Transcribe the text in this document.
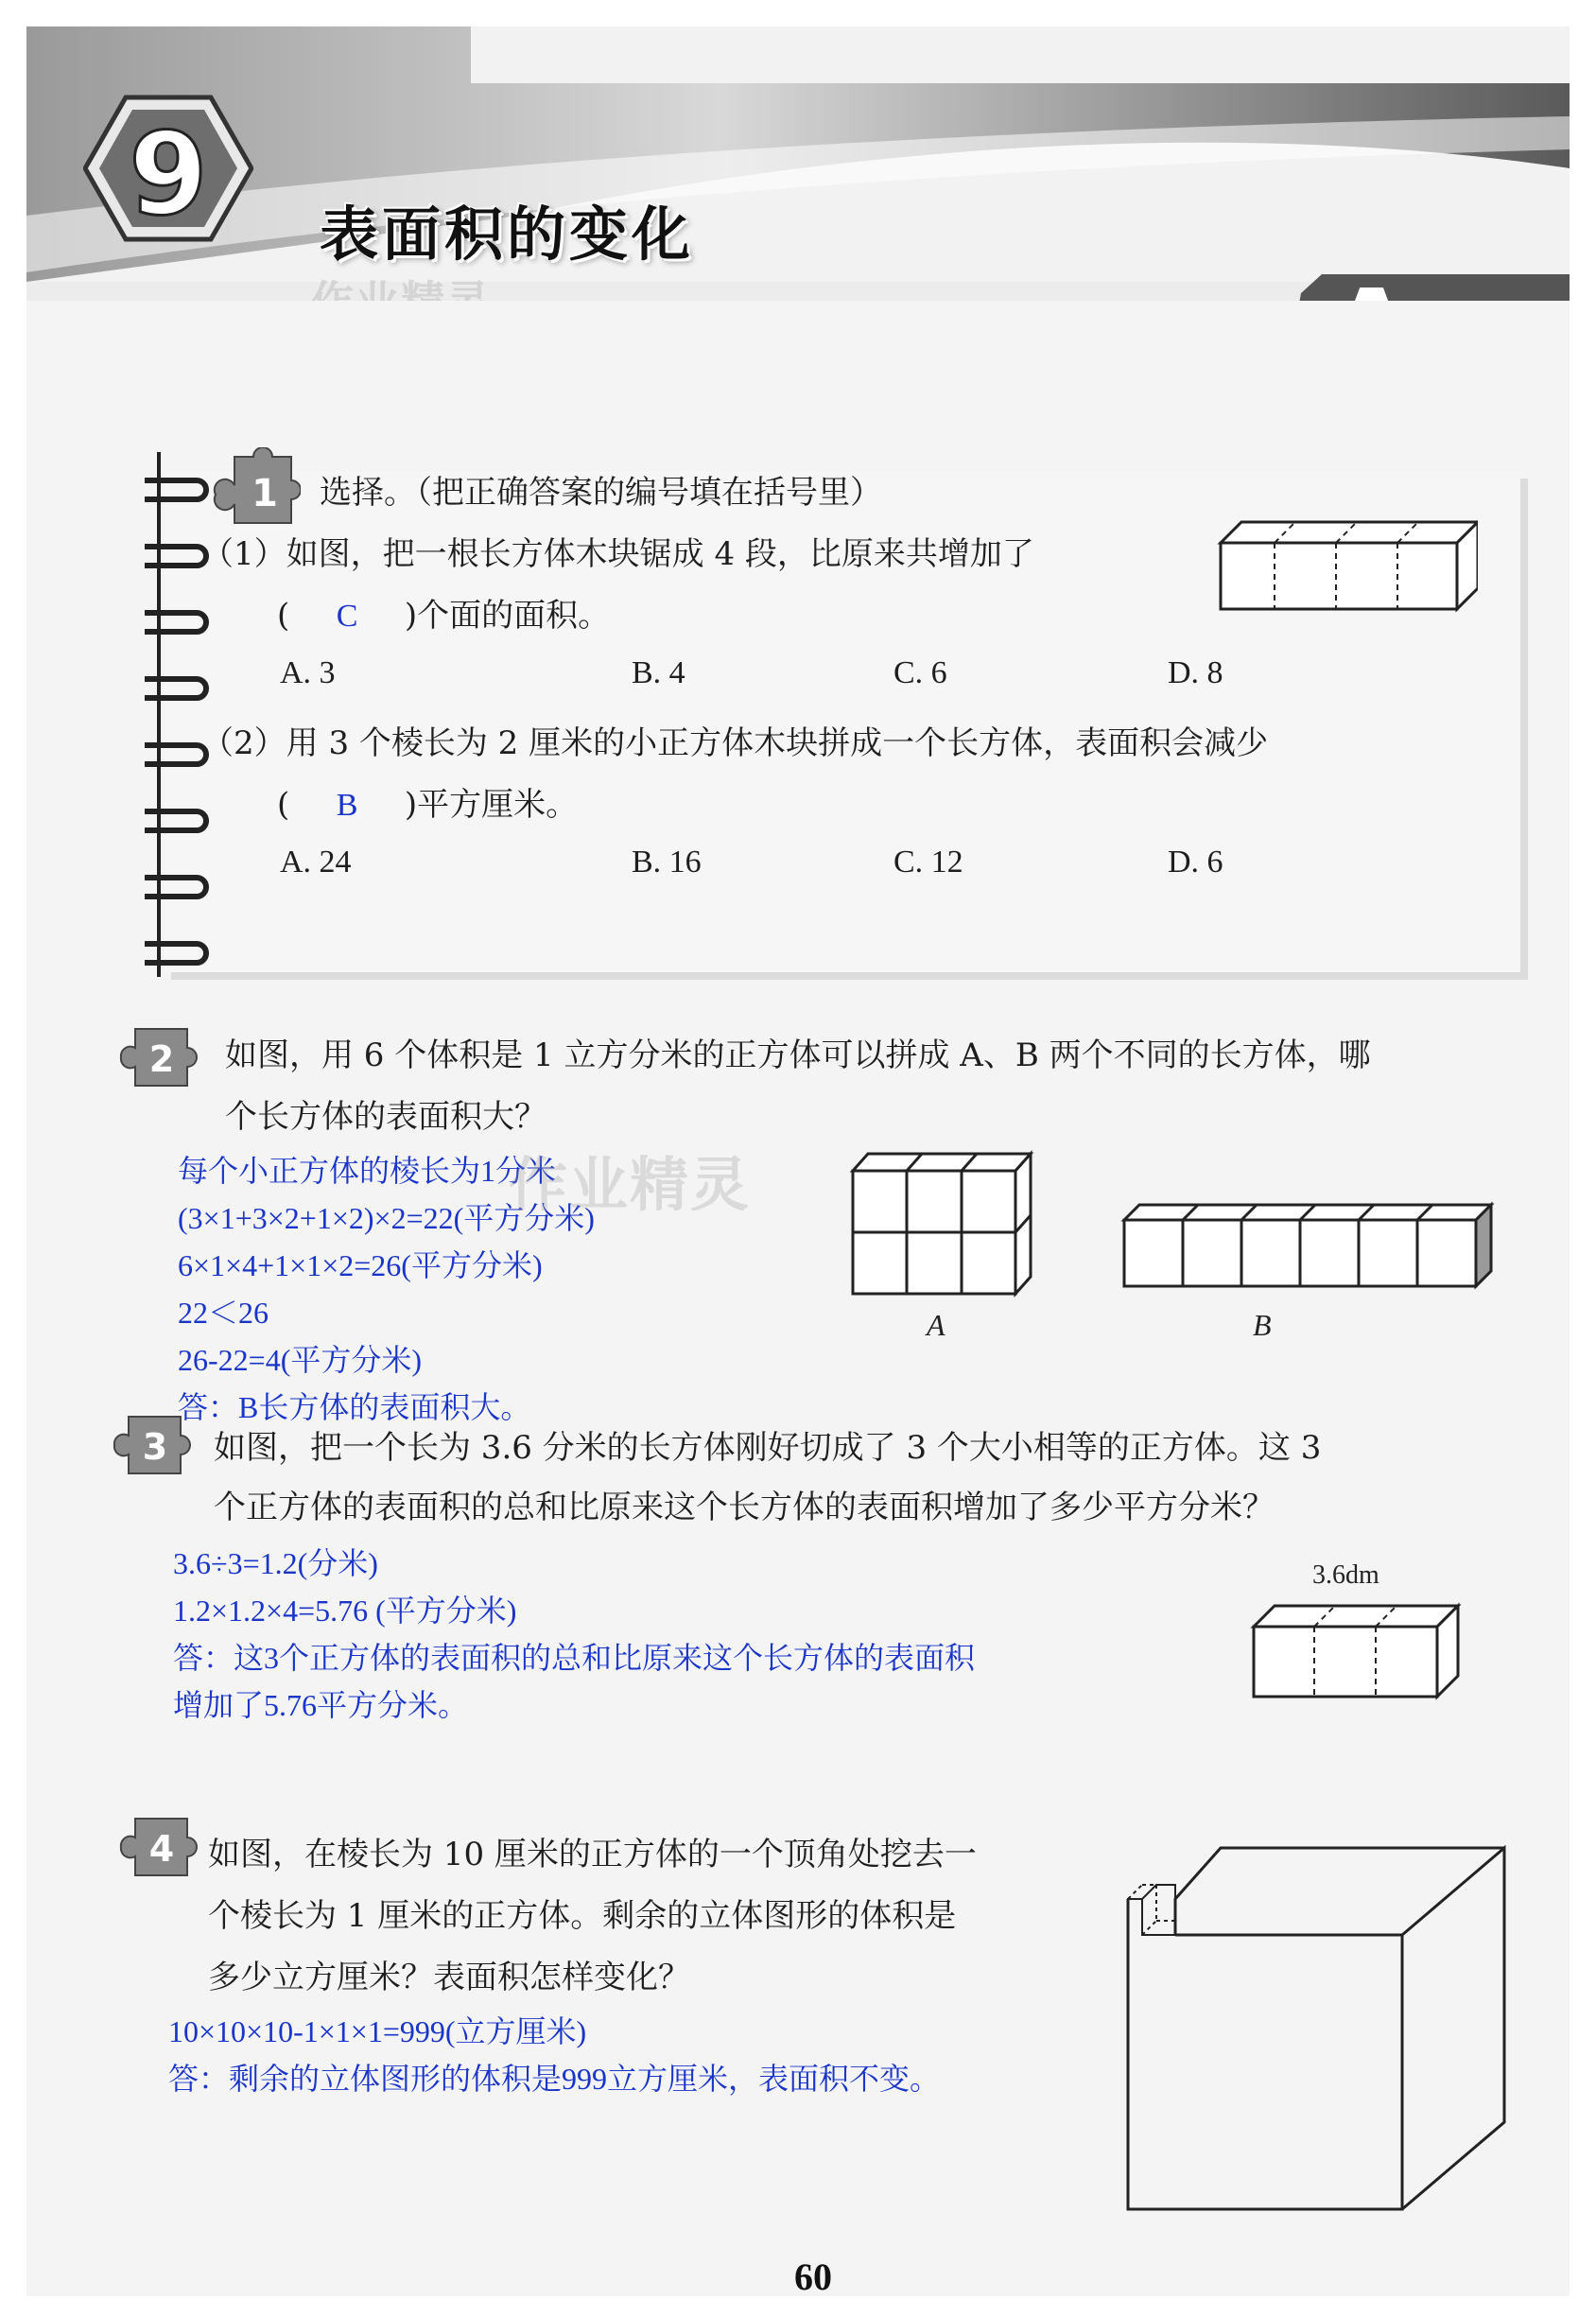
9 表面积的变化
1 选择。（把正确答案的编号填在括号里）
（1）如图，把一根长方体木块锯成 4 段，比原来共增加了
( C )个面的面积。
A. 3	B. 4	C. 6	D. 8
（2）用 3 个棱长为 2 厘米的小正方体木块拼成一个长方体，表面积会减少
( B )平方厘米。
A. 24	B. 16	C. 12	D. 6
2 如图，用 6 个体积是 1 立方分米的正方体可以拼成 A、B 两个不同的长方体，哪
个长方体的表面积大？
每个小正方体的棱长为1分米
(3×1+3×2+1×2)×2=22(平方分米)
6×1×4+1×1×2=26(平方分米)
22＜26
26-22=4(平方分米)
答：B长方体的表面积大。
作业精灵
A	B
3 如图，把一个长为 3.6 分米的长方体刚好切成了 3 个大小相等的正方体。这 3
个正方体的表面积的总和比原来这个长方体的表面积增加了多少平方分米？
3.6÷3=1.2(分米)
1.2×1.2×4=5.76 (平方分米)
答：这3个正方体的表面积的总和比原来这个长方体的表面积
增加了5.76平方分米。
3.6dm
4 如图，在棱长为 10 厘米的正方体的一个顶角处挖去一
个棱长为 1 厘米的正方体。剩余的立体图形的体积是
多少立方厘米？表面积怎样变化？
10×10×10-1×1×1=999(立方厘米)
答：剩余的立体图形的体积是999立方厘米，表面积不变。
60
